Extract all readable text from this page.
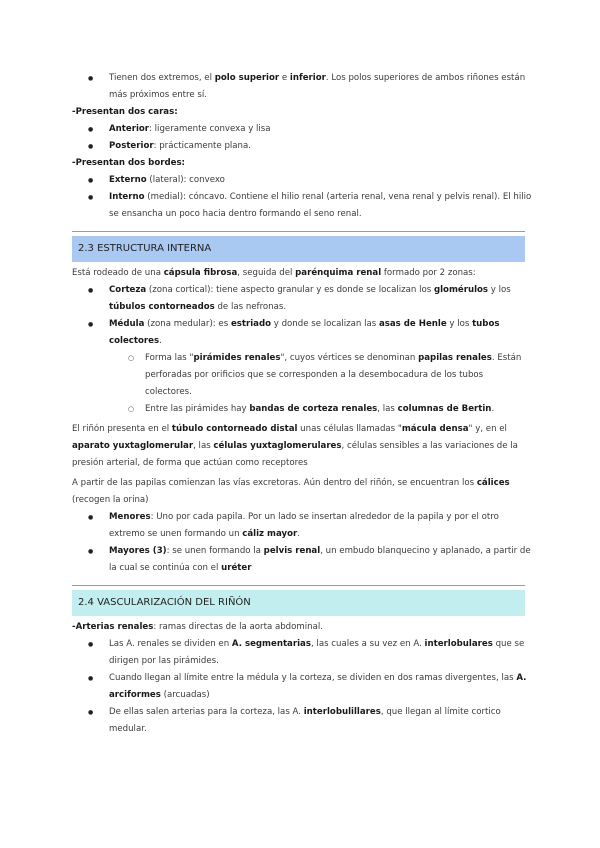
● Tienen dos extremos, el polo superior e inferior. Los polos superiores de ambos riñones están más próximos entre sí.

-Presentan dos caras:

● Anterior: ligeramente convexa y lisa
● Posterior: prácticamente plana.

-Presentan dos bordes:

● Externo (lateral): convexo
● Interno (medial): cóncavo. Contiene el hilio renal (arteria renal, vena renal y pelvis renal). El hilio se ensancha un poco hacia dentro formando el seno renal.
2.3 ESTRUCTURA INTERNA

Está rodeado de una cápsula fibrosa, seguida del parénquima renal formado por 2 zonas:

● Corteza (zona cortical): tiene aspecto granular y es donde se localizan los glomérulos y los túbulos contorneados de las nefronas.
● Médula (zona medular): es estriado y donde se localizan las asas de Henle y los tubos colectores.
○ Forma las "pirámides renales", cuyos vértices se denominan papilas renales. Están perforadas por orificios que se corresponden a la desembocadura de los tubos colectores.
○ Entre las pirámides hay bandas de corteza renales, las columnas de Bertin.

El riñón presenta en el túbulo contorneado distal unas células llamadas "mácula densa" y, en el aparato yuxtaglomerular, las células yuxtaglomerulares, células sensibles a las variaciones de la presión arterial, de forma que actúan como receptores

A partir de las papilas comienzan las vías excretoras. Aún dentro del riñón, se encuentran los cálices (recogen la orina)

● Menores: Uno por cada papila. Por un lado se insertan alrededor de la papila y por el otro extremo se unen formando un cáliz mayor.
● Mayores (3): se unen formando la pelvis renal, un embudo blanquecino y aplanado, a partir de la cual se continúa con el uréter
2.4 VASCULARIZACIÓN DEL RIÑÓN

-Arterias renales: ramas directas de la aorta abdominal.

● Las A. renales se dividen en A. segmentarias, las cuales a su vez en A. interlobulares que se dirigen por las pirámides.
● Cuando llegan al límite entre la médula y la corteza, se dividen en dos ramas divergentes, las A. arciformes (arcuadas)
● De ellas salen arterias para la corteza, las A. interlobulillares, que llegan al límite cortico medular.
